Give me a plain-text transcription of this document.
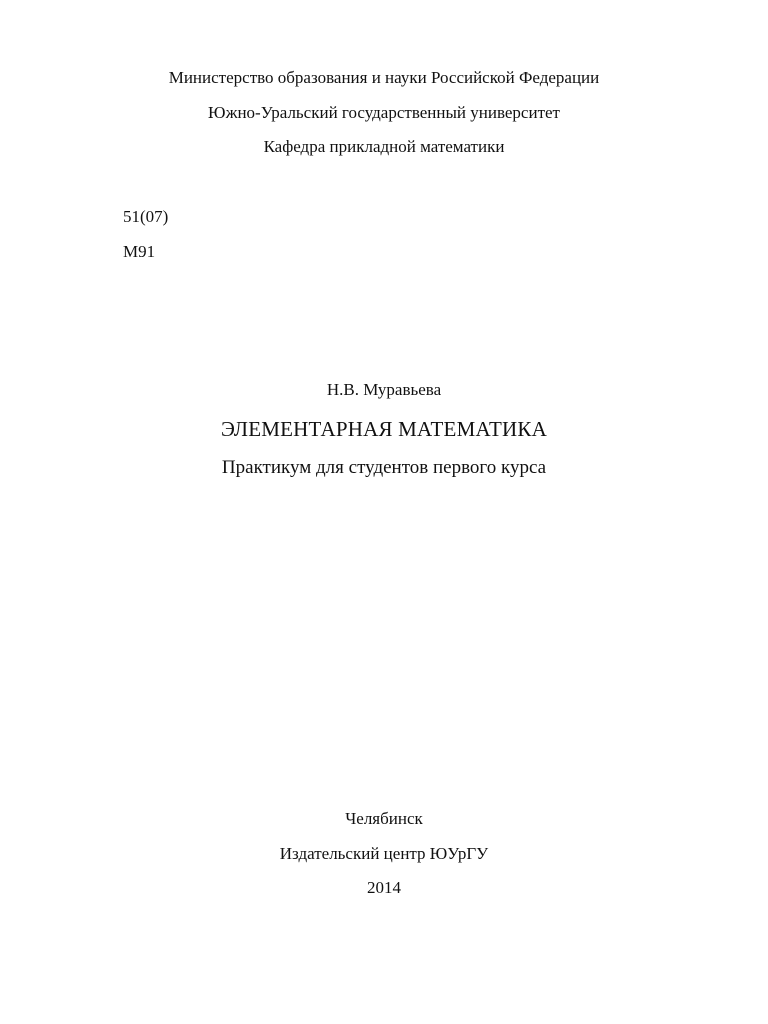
Министерство образования и науки Российской Федерации
Южно-Уральский государственный университет
Кафедра прикладной математики
51(07)
М91
Н.В. Муравьева
ЭЛЕМЕНТАРНАЯ МАТЕМАТИКА
Практикум для студентов первого курса
Челябинск
Издательский центр ЮУрГУ
2014
